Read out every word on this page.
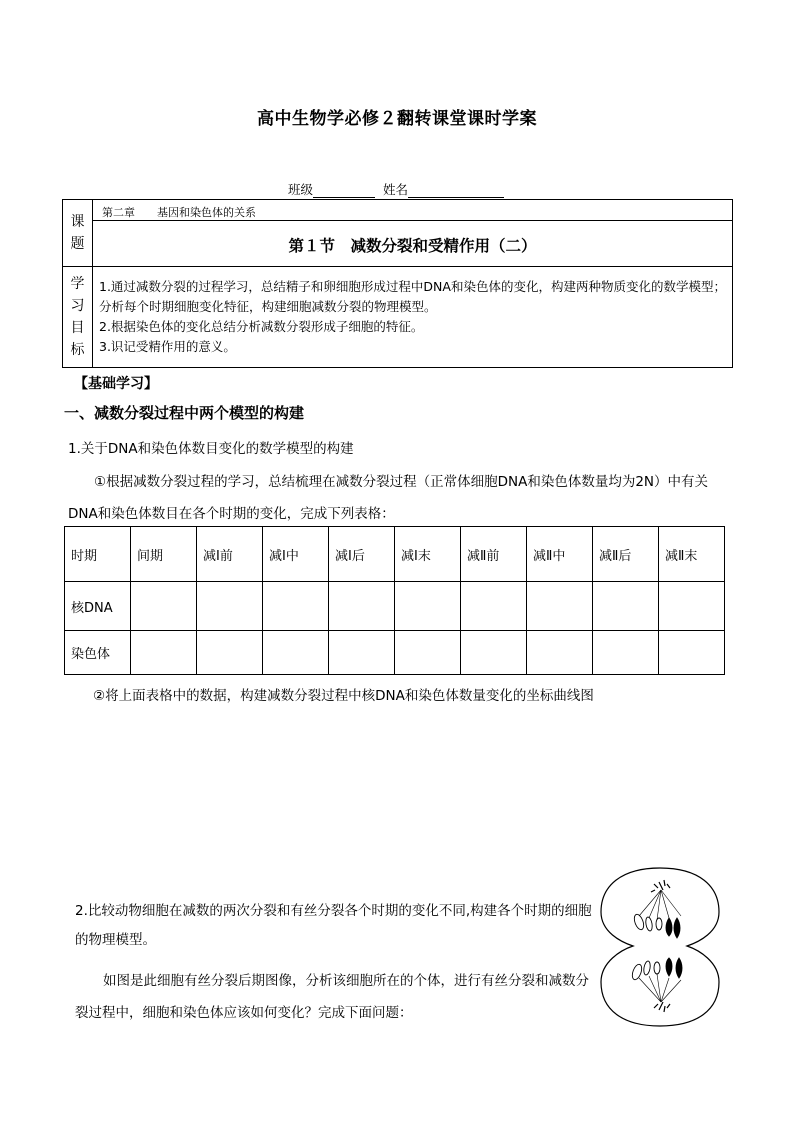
高中生物学必修２翻转课堂课时学案
班级	姓名
课题	第二章　　基因和染色体的关系
	第１节　减数分裂和受精作用（二）

学习目标	1.通过减数分裂的过程学习，总结精子和卵细胞形成过程中DNA和染色体的变化，构建两种物质变化的数学模型；分析每个时期细胞变化特征，构建细胞减数分裂的物理模型。
2.根据染色体的变化总结分析减数分裂形成子细胞的特征。
3.识记受精作用的意义。
【基础学习】
一、减数分裂过程中两个模型的构建
1.关于DNA和染色体数目变化的数学模型的构建
①根据减数分裂过程的学习，总结梳理在减数分裂过程（正常体细胞DNA和染色体数量均为2N）中有关DNA和染色体数目在各个时期的变化，完成下列表格：
时期	间期	减Ⅰ前	减Ⅰ中	减Ⅰ后	减Ⅰ末	减Ⅱ前	减Ⅱ中	减Ⅱ后	减Ⅱ末
核DNA									
染色体									
②将上面表格中的数据，构建减数分裂过程中核DNA和染色体数量变化的坐标曲线图
2.比较动物细胞在减数的两次分裂和有丝分裂各个时期的变化不同,构建各个时期的细胞的物理模型。
如图是此细胞有丝分裂后期图像，分析该细胞所在的个体，进行有丝分裂和减数分裂过程中，细胞和染色体应该如何变化？完成下面问题：
